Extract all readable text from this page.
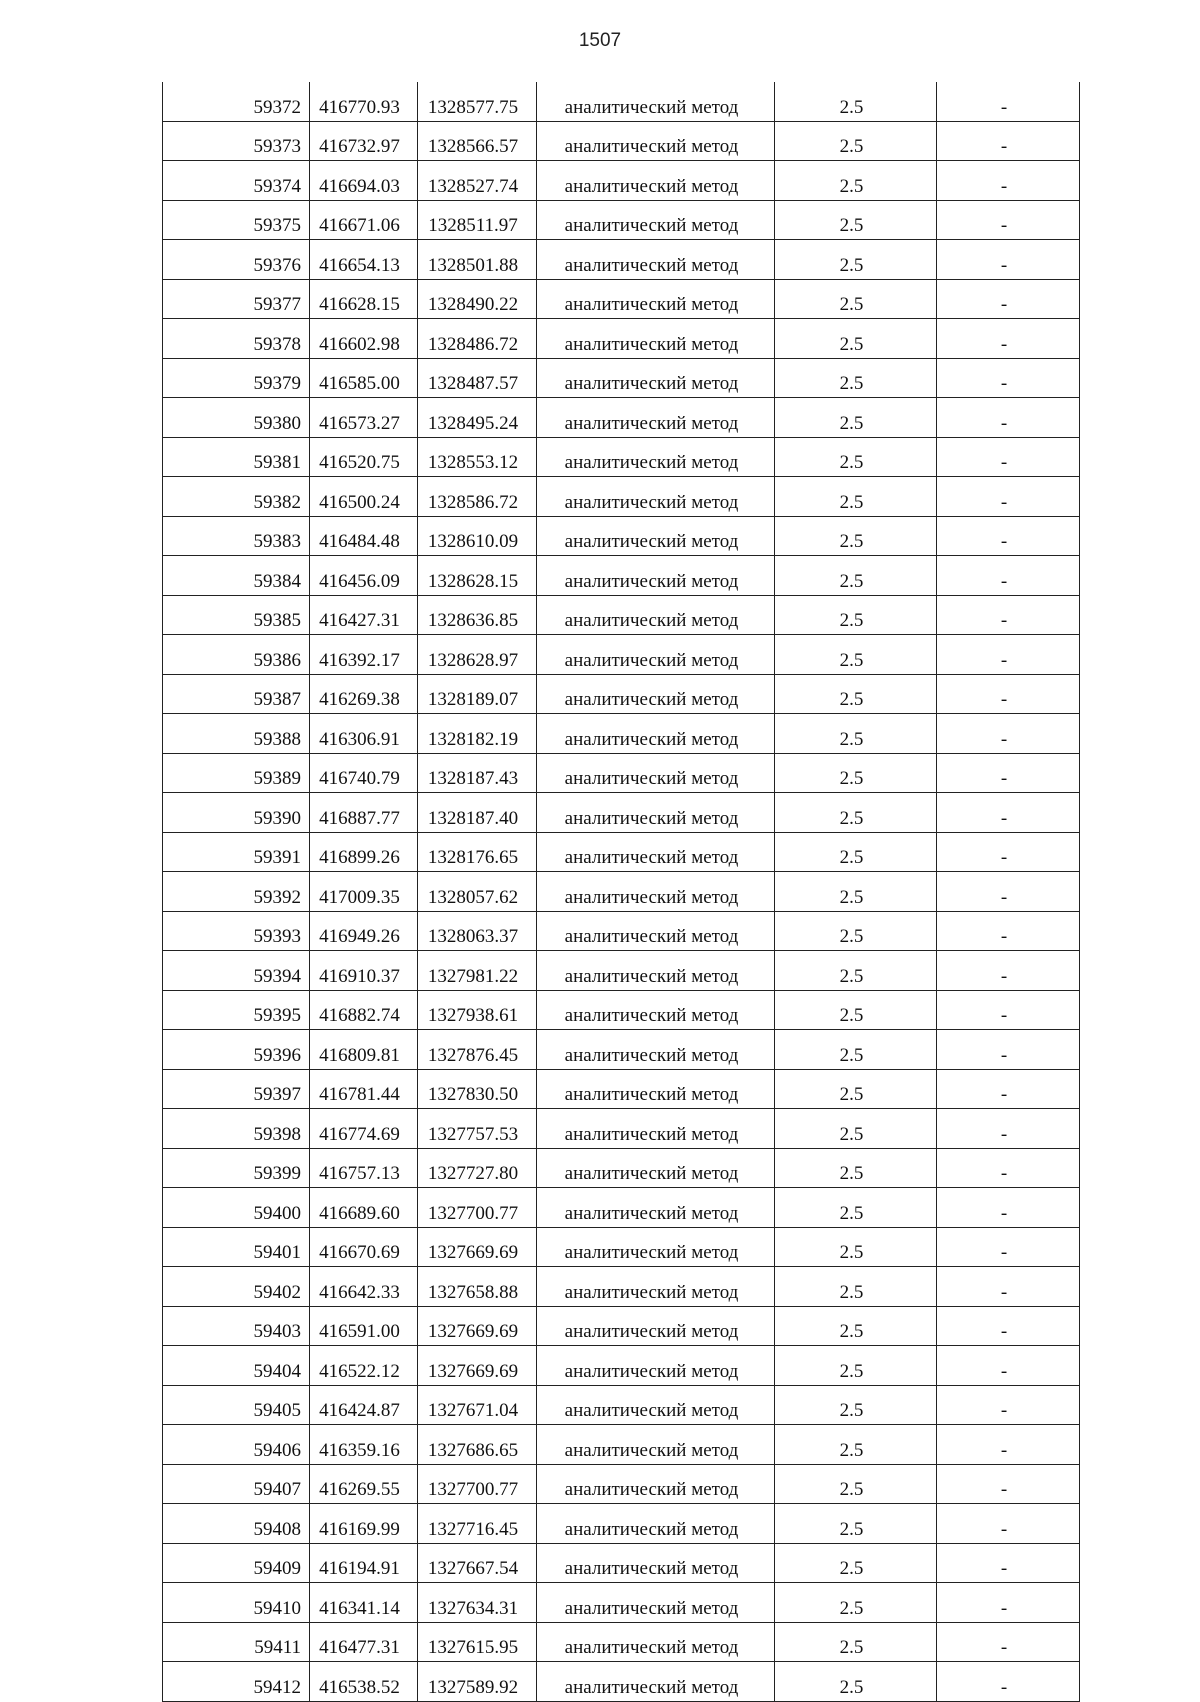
1507
59372	416770.93	1328577.75	аналитический метод	2.5	-
59373	416732.97	1328566.57	аналитический метод	2.5	-
59374	416694.03	1328527.74	аналитический метод	2.5	-
59375	416671.06	1328511.97	аналитический метод	2.5	-
59376	416654.13	1328501.88	аналитический метод	2.5	-
59377	416628.15	1328490.22	аналитический метод	2.5	-
59378	416602.98	1328486.72	аналитический метод	2.5	-
59379	416585.00	1328487.57	аналитический метод	2.5	-
59380	416573.27	1328495.24	аналитический метод	2.5	-
59381	416520.75	1328553.12	аналитический метод	2.5	-
59382	416500.24	1328586.72	аналитический метод	2.5	-
59383	416484.48	1328610.09	аналитический метод	2.5	-
59384	416456.09	1328628.15	аналитический метод	2.5	-
59385	416427.31	1328636.85	аналитический метод	2.5	-
59386	416392.17	1328628.97	аналитический метод	2.5	-
59387	416269.38	1328189.07	аналитический метод	2.5	-
59388	416306.91	1328182.19	аналитический метод	2.5	-
59389	416740.79	1328187.43	аналитический метод	2.5	-
59390	416887.77	1328187.40	аналитический метод	2.5	-
59391	416899.26	1328176.65	аналитический метод	2.5	-
59392	417009.35	1328057.62	аналитический метод	2.5	-
59393	416949.26	1328063.37	аналитический метод	2.5	-
59394	416910.37	1327981.22	аналитический метод	2.5	-
59395	416882.74	1327938.61	аналитический метод	2.5	-
59396	416809.81	1327876.45	аналитический метод	2.5	-
59397	416781.44	1327830.50	аналитический метод	2.5	-
59398	416774.69	1327757.53	аналитический метод	2.5	-
59399	416757.13	1327727.80	аналитический метод	2.5	-
59400	416689.60	1327700.77	аналитический метод	2.5	-
59401	416670.69	1327669.69	аналитический метод	2.5	-
59402	416642.33	1327658.88	аналитический метод	2.5	-
59403	416591.00	1327669.69	аналитический метод	2.5	-
59404	416522.12	1327669.69	аналитический метод	2.5	-
59405	416424.87	1327671.04	аналитический метод	2.5	-
59406	416359.16	1327686.65	аналитический метод	2.5	-
59407	416269.55	1327700.77	аналитический метод	2.5	-
59408	416169.99	1327716.45	аналитический метод	2.5	-
59409	416194.91	1327667.54	аналитический метод	2.5	-
59410	416341.14	1327634.31	аналитический метод	2.5	-
59411	416477.31	1327615.95	аналитический метод	2.5	-
59412	416538.52	1327589.92	аналитический метод	2.5	-
